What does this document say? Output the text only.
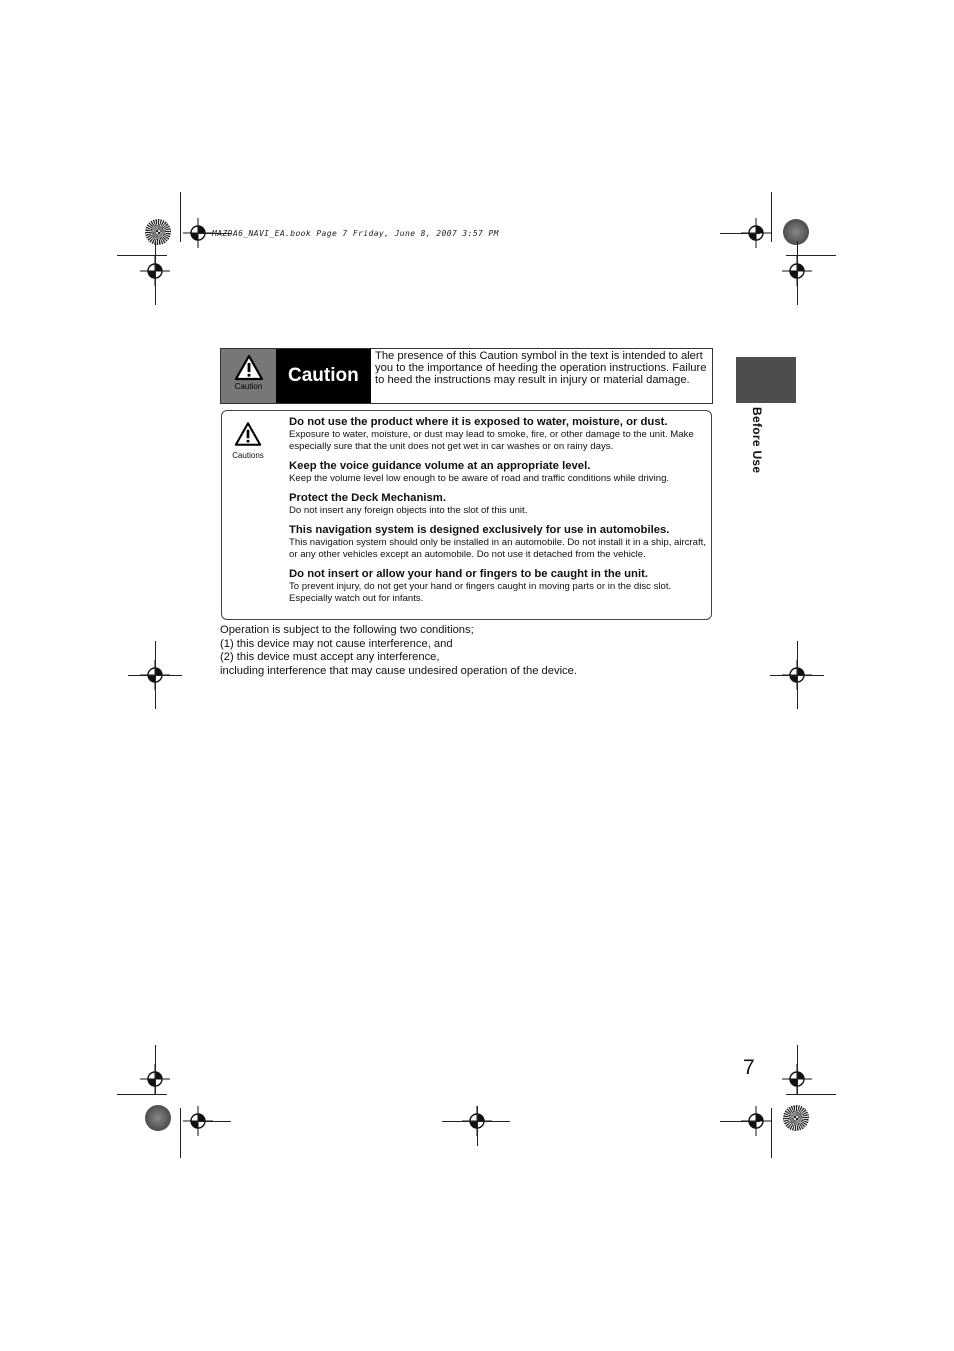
MAZDA6_NAVI_EA.book Page 7 Friday, June 8, 2007 3:57 PM
Caution
Caution
The presence of this Caution symbol in the text is intended to alert you to the importance of heeding the operation instructions. Failure to heed the instructions may result in injury or material damage.
Before Use
Cautions
Do not use the product where it is exposed to water, moisture, or dust.
Exposure to water, moisture, or dust may lead to smoke, fire, or other damage to the unit. Make especially sure that the unit does not get wet in car washes or on rainy days.
Keep the voice guidance volume at an appropriate level.
Keep the volume level low enough to be aware of road and traffic conditions while driving.
Protect the Deck Mechanism.
Do not insert any foreign objects into the slot of this unit.
This navigation system is designed exclusively for use in automobiles.
This navigation system should only be installed in an automobile. Do not install it in a ship, aircraft, or any other vehicles except an automobile. Do not use it detached from the vehicle.
Do not insert or allow your hand or fingers to be caught in the unit.
To prevent injury, do not get your hand or fingers caught in moving parts or in the disc slot. Especially watch out for infants.
Operation is subject to the following two conditions;
(1) this device may not cause interference, and
(2) this device must accept any interference,
including interference that may cause undesired operation of the device.
7
